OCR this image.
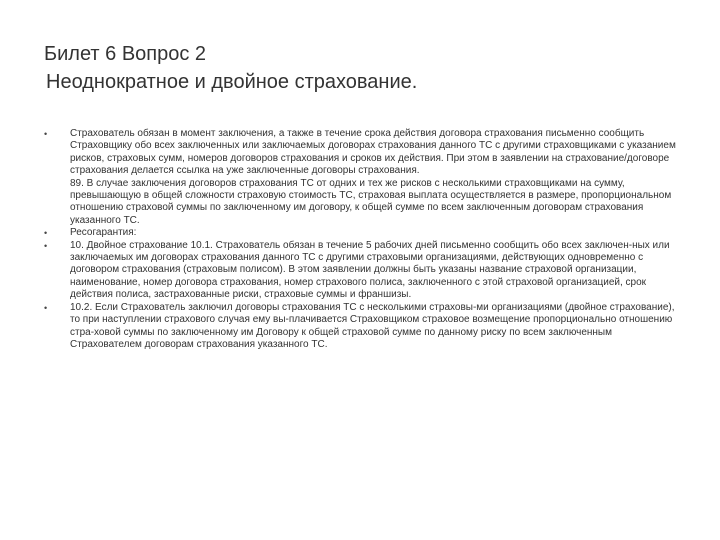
Билет 6 Вопрос 2
Неоднократное и двойное страхование.
•	Страхователь обязан в момент заключения, а также в течение срока действия договора страхования письменно сообщить Страховщику обо всех заключенных или заключаемых договорах страхования данного ТС с другими страховщиками с указанием рисков, страховых сумм, номеров договоров страхования и сроков их действия. При этом в заявлении на страхование/договоре страхования делается ссылка на уже заключенные договоры страхования.
89. В случае заключения договоров страхования ТС от одних и тех же рисков с несколькими страховщиками на сумму, превышающую в общей сложности страховую стоимость ТС, страховая выплата осуществляется в размере, пропорциональном отношению страховой суммы по заключенному им договору, к общей сумме по всем заключенным договорам страхования указанного ТС.
•	Ресогарантия:
•	10. Двойное страхование 10.1. Страхователь обязан в течение 5 рабочих дней письменно сообщить обо всех заключен-ных или заключаемых им договорах страхования данного ТС с другими страховыми организациями, действующих одновременно с договором страхования (страховым полисом). В этом заявлении должны быть указаны название страховой организации, наименование, номер договора страхования, номер страхового полиса, заключенного с этой страховой организацией, срок действия полиса, застрахованные риски, страховые суммы и франшизы.
•	10.2. Если Страхователь заключил договоры страхования ТС с несколькими страховы-ми организациями (двойное страхование), то при наступлении страхового случая ему вы-плачивается Страховщиком страховое возмещение пропорционально отношению стра-ховой суммы по заключенному им Договору к общей страховой сумме по данному риску по всем заключенным Страхователем договорам страхования указанного ТС.
